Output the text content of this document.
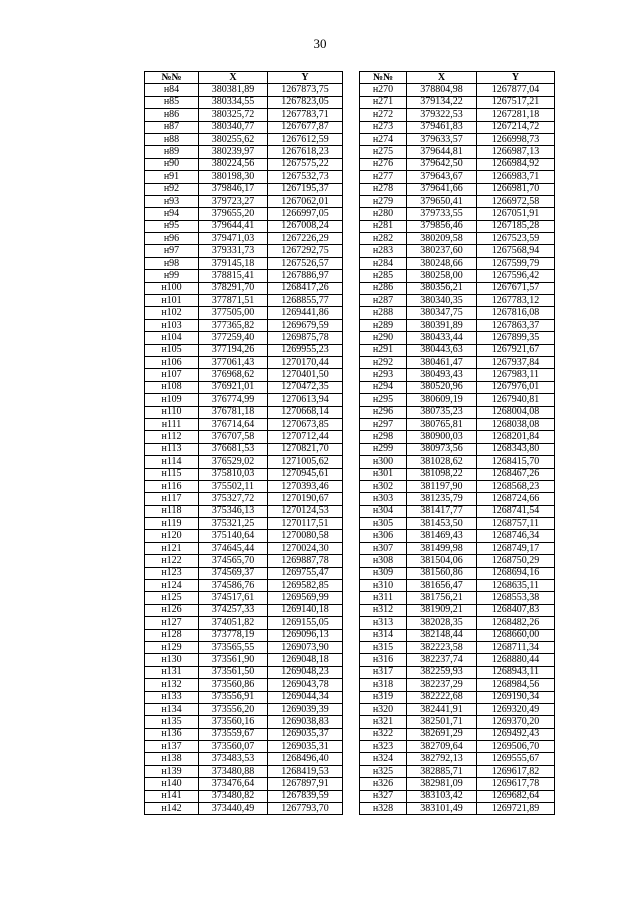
30
№№	X	Y
н84	380381,89	1267873,75
н85	380334,55	1267823,05
н86	380325,72	1267783,71
н87	380340,77	1267677,87
н88	380255,62	1267612,59
н89	380239,97	1267618,23
н90	380224,56	1267575,22
н91	380198,30	1267532,73
н92	379846,17	1267195,37
н93	379723,27	1267062,01
н94	379655,20	1266997,05
н95	379644,41	1267008,24
н96	379471,03	1267226,29
н97	379331,73	1267292,75
н98	379145,18	1267526,57
н99	378815,41	1267886,97
н100	378291,70	1268417,26
н101	377871,51	1268855,77
н102	377505,00	1269441,86
н103	377365,82	1269679,59
н104	377259,40	1269875,78
н105	377194,26	1269955,23
н106	377061,43	1270170,44
н107	376968,62	1270401,50
н108	376921,01	1270472,35
н109	376774,99	1270613,94
н110	376781,18	1270668,14
н111	376714,64	1270673,85
н112	376707,58	1270712,44
н113	376681,53	1270821,70
н114	376529,02	1271005,62
н115	375810,03	1270945,61
н116	375502,11	1270393,46
н117	375327,72	1270190,67
н118	375346,13	1270124,53
н119	375321,25	1270117,51
н120	375140,64	1270080,58
н121	374645,44	1270024,30
н122	374565,70	1269887,78
н123	374569,37	1269755,47
н124	374586,76	1269582,85
н125	374517,61	1269569,99
н126	374257,33	1269140,18
н127	374051,82	1269155,05
н128	373778,19	1269096,13
н129	373565,55	1269073,90
н130	373561,90	1269048,18
н131	373561,50	1269048,23
н132	373560,86	1269043,78
н133	373556,91	1269044,34
н134	373556,20	1269039,39
н135	373560,16	1269038,83
н136	373559,67	1269035,37
н137	373560,07	1269035,31
н138	373483,53	1268496,40
н139	373480,88	1268419,53
н140	373476,64	1267897,91
н141	373480,82	1267839,59
н142	373440,49	1267793,70
№№	X	Y
н270	378804,98	1267877,04
н271	379134,22	1267517,21
н272	379322,53	1267281,18
н273	379461,83	1267214,72
н274	379633,57	1266998,73
н275	379644,81	1266987,13
н276	379642,50	1266984,92
н277	379643,67	1266983,71
н278	379641,66	1266981,70
н279	379650,41	1266972,58
н280	379733,55	1267051,91
н281	379856,46	1267185,28
н282	380209,58	1267523,59
н283	380237,60	1267568,94
н284	380248,66	1267599,79
н285	380258,00	1267596,42
н286	380356,21	1267671,57
н287	380340,35	1267783,12
н288	380347,75	1267816,08
н289	380391,89	1267863,37
н290	380433,44	1267899,35
н291	380443,63	1267921,67
н292	380461,47	1267937,84
н293	380493,43	1267983,11
н294	380520,96	1267976,01
н295	380609,19	1267940,81
н296	380735,23	1268004,08
н297	380765,81	1268038,08
н298	380900,03	1268201,84
н299	380973,56	1268343,80
н300	381028,62	1268415,70
н301	381098,22	1268467,26
н302	381197,90	1268568,23
н303	381235,79	1268724,66
н304	381417,77	1268741,54
н305	381453,50	1268757,11
н306	381469,43	1268746,34
н307	381499,98	1268749,17
н308	381504,06	1268750,29
н309	381560,86	1268694,16
н310	381656,47	1268635,11
н311	381756,21	1268553,38
н312	381909,21	1268407,83
н313	382028,35	1268482,26
н314	382148,44	1268660,00
н315	382223,58	1268711,34
н316	382237,74	1268880,44
н317	382259,93	1268943,11
н318	382237,29	1268984,56
н319	382222,68	1269190,34
н320	382441,91	1269320,49
н321	382501,71	1269370,20
н322	382691,29	1269492,43
н323	382709,64	1269506,70
н324	382792,13	1269555,67
н325	382885,71	1269617,82
н326	382981,09	1269617,78
н327	383103,42	1269682,64
н328	383101,49	1269721,89
